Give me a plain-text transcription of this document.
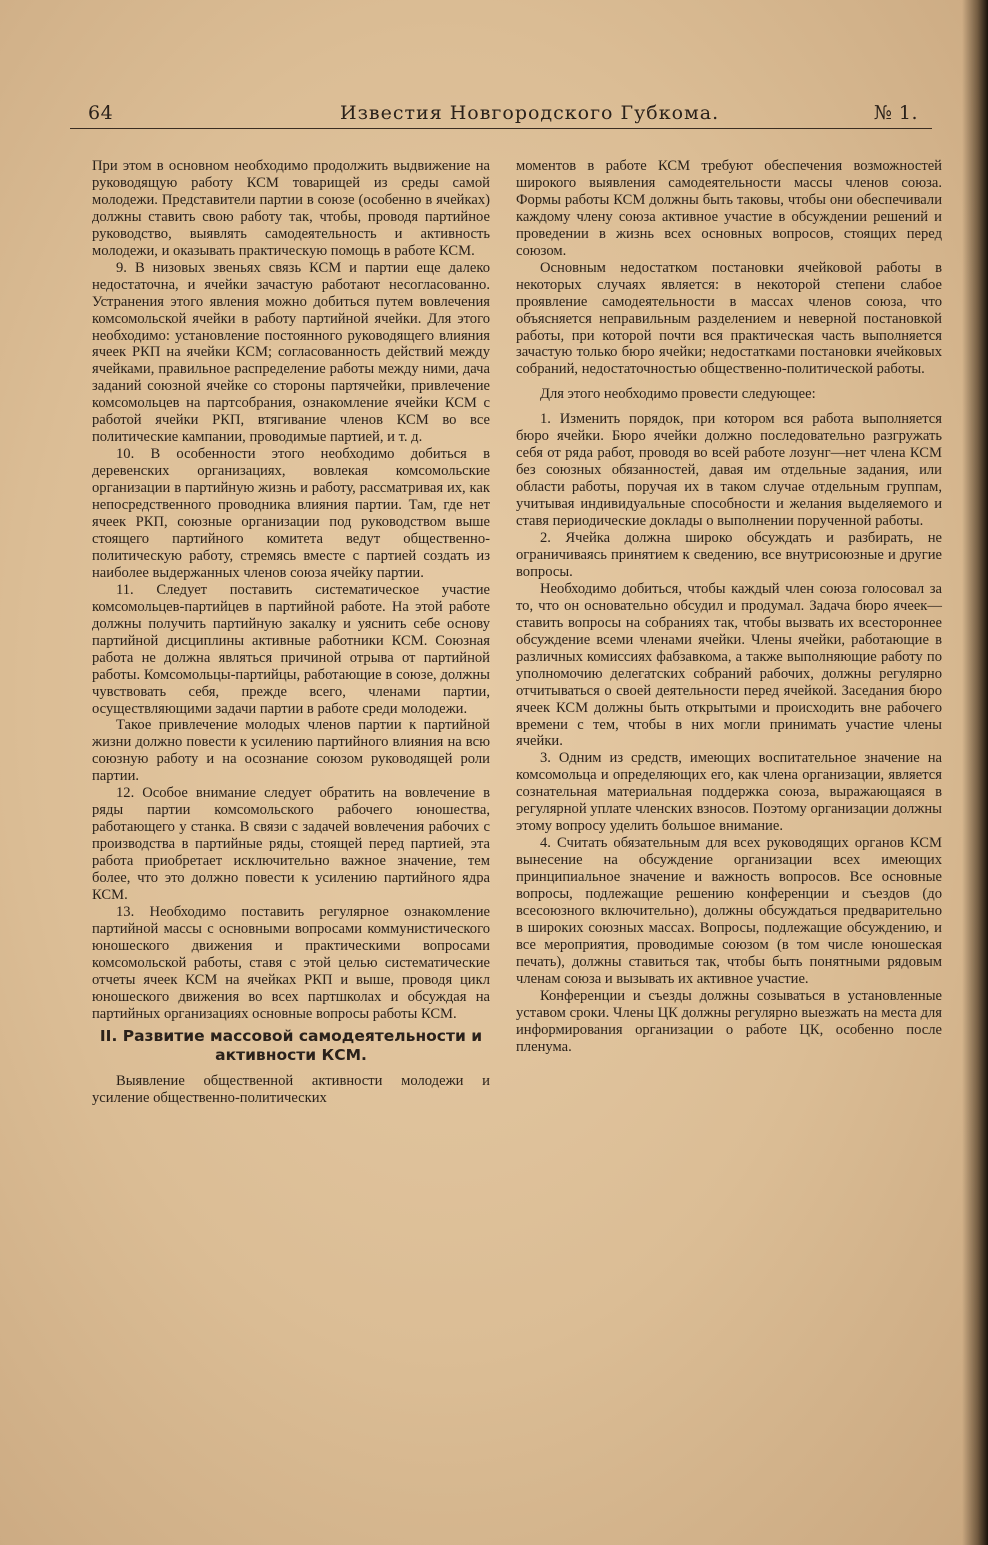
64	Известия Новгородского Губкома.	№ 1.

При этом в основном необходимо продолжить выдвижение на руководящую работу КСМ товарищей из среды самой молодежи. Представители партии в союзе (особенно в ячейках) должны ставить свою работу так, чтобы, проводя партийное руководство, выявлять самодеятельность и активность молодежи, и оказывать практическую помощь в работе КСМ.

9. В низовых звеньях связь КСМ и партии еще далеко недостаточна, и ячейки зачастую работают несогласованно. Устранения этого явления можно добиться путем вовлечения комсомольской ячейки в работу партийной ячейки. Для этого необходимо: установление постоянного руководящего влияния ячеек РКП на ячейки КСМ; согласованность действий между ячейками, правильное распределение работы между ними, дача заданий союзной ячейке со стороны партячейки, привлечение комсомольцев на партсобрания, ознакомление ячейки КСМ с работой ячейки РКП, втягивание членов КСМ во все политические кампании, проводимые партией, и т. д.

10. В особенности этого необходимо добиться в деревенских организациях, вовлекая комсомольские организации в партийную жизнь и работу, рассматривая их, как непосредственного проводника влияния партии. Там, где нет ячеек РКП, союзные организации под руководством выше стоящего партийного комитета ведут общественно-политическую работу, стремясь вместе с партией создать из наиболее выдержанных членов союза ячейку партии.

11. Следует поставить систематическое участие комсомольцев-партийцев в партийной работе. На этой работе должны получить партийную закалку и уяснить себе основу партийной дисциплины активные работники КСМ. Союзная работа не должна являться причиной отрыва от партийной работы. Комсомольцы-партийцы, работающие в союзе, должны чувствовать себя, прежде всего, членами партии, осуществляющими задачи партии в работе среди молодежи.

Такое привлечение молодых членов партии к партийной жизни должно повести к усилению партийного влияния на всю союзную работу и на осознание союзом руководящей роли партии.

12. Особое внимание следует обратить на вовлечение в ряды партии комсомольского рабочего юношества, работающего у станка. В связи с задачей вовлечения рабочих с производства в партийные ряды, стоящей перед партией, эта работа приобретает исключительно важное значение, тем более, что это должно повести к усилению партийного ядра КСМ.

13. Необходимо поставить регулярное ознакомление партийной массы с основными вопросами коммунистического юношеского движения и практическими вопросами комсомольской работы, ставя с этой целью систематические отчеты ячеек КСМ на ячейках РКП и выше, проводя цикл юношеского движения во всех партшколах и обсуждая на партийных организациях основные вопросы работы КСМ.

II. Развитие массовой самодеятельности и активности КСМ.

Выявление общественной активности молодежи и усиление общественно-политических

моментов в работе КСМ требуют обеспечения возможностей широкого выявления самодеятельности массы членов союза. Формы работы КСМ должны быть таковы, чтобы они обеспечивали каждому члену союза активное участие в обсуждении решений и проведении в жизнь всех основных вопросов, стоящих перед союзом.

Основным недостатком постановки ячейковой работы в некоторых случаях является: в некоторой степени слабое проявление самодеятельности в массах членов союза, что объясняется неправильным разделением и неверной постановкой работы, при которой почти вся практическая часть выполняется зачастую только бюро ячейки; недостатками постановки ячейковых собраний, недостаточностью общественно-политической работы.

Для этого необходимо провести следующее:

1. Изменить порядок, при котором вся работа выполняется бюро ячейки. Бюро ячейки должно последовательно разгружать себя от ряда работ, проводя во всей работе лозунг—нет члена КСМ без союзных обязанностей, давая им отдельные задания, или области работы, поручая их в таком случае отдельным группам, учитывая индивидуальные способности и желания выделяемого и ставя периодические доклады о выполнении порученной работы.

2. Ячейка должна широко обсуждать и разбирать, не ограничиваясь принятием к сведению, все внутрисоюзные и другие вопросы.

Необходимо добиться, чтобы каждый член союза голосовал за то, что он основательно обсудил и продумал. Задача бюро ячеек—ставить вопросы на собраниях так, чтобы вызвать их всестороннее обсуждение всеми членами ячейки. Члены ячейки, работающие в различных комиссиях фабзавкома, а также выполняющие работу по уполномочию делегатских собраний рабочих, должны регулярно отчитываться о своей деятельности перед ячейкой. Заседания бюро ячеек КСМ должны быть открытыми и происходить вне рабочего времени с тем, чтобы в них могли принимать участие члены ячейки.

3. Одним из средств, имеющих воспитательное значение на комсомольца и определяющих его, как члена организации, является сознательная материальная поддержка союза, выражающаяся в регулярной уплате членских взносов. Поэтому организации должны этому вопросу уделить большое внимание.

4. Считать обязательным для всех руководящих органов КСМ вынесение на обсуждение организации всех имеющих принципиальное значение и важность вопросов. Все основные вопросы, подлежащие решению конференции и съездов (до всесоюзного включительно), должны обсуждаться предварительно в широких союзных массах. Вопросы, подлежащие обсуждению, и все мероприятия, проводимые союзом (в том числе юношеская печать), должны ставиться так, чтобы быть понятными рядовым членам союза и вызывать их активное участие.

Конференции и съезды должны созываться в установленные уставом сроки. Члены ЦК должны регулярно выезжать на места для информирования организации о работе ЦК, особенно после пленума.
